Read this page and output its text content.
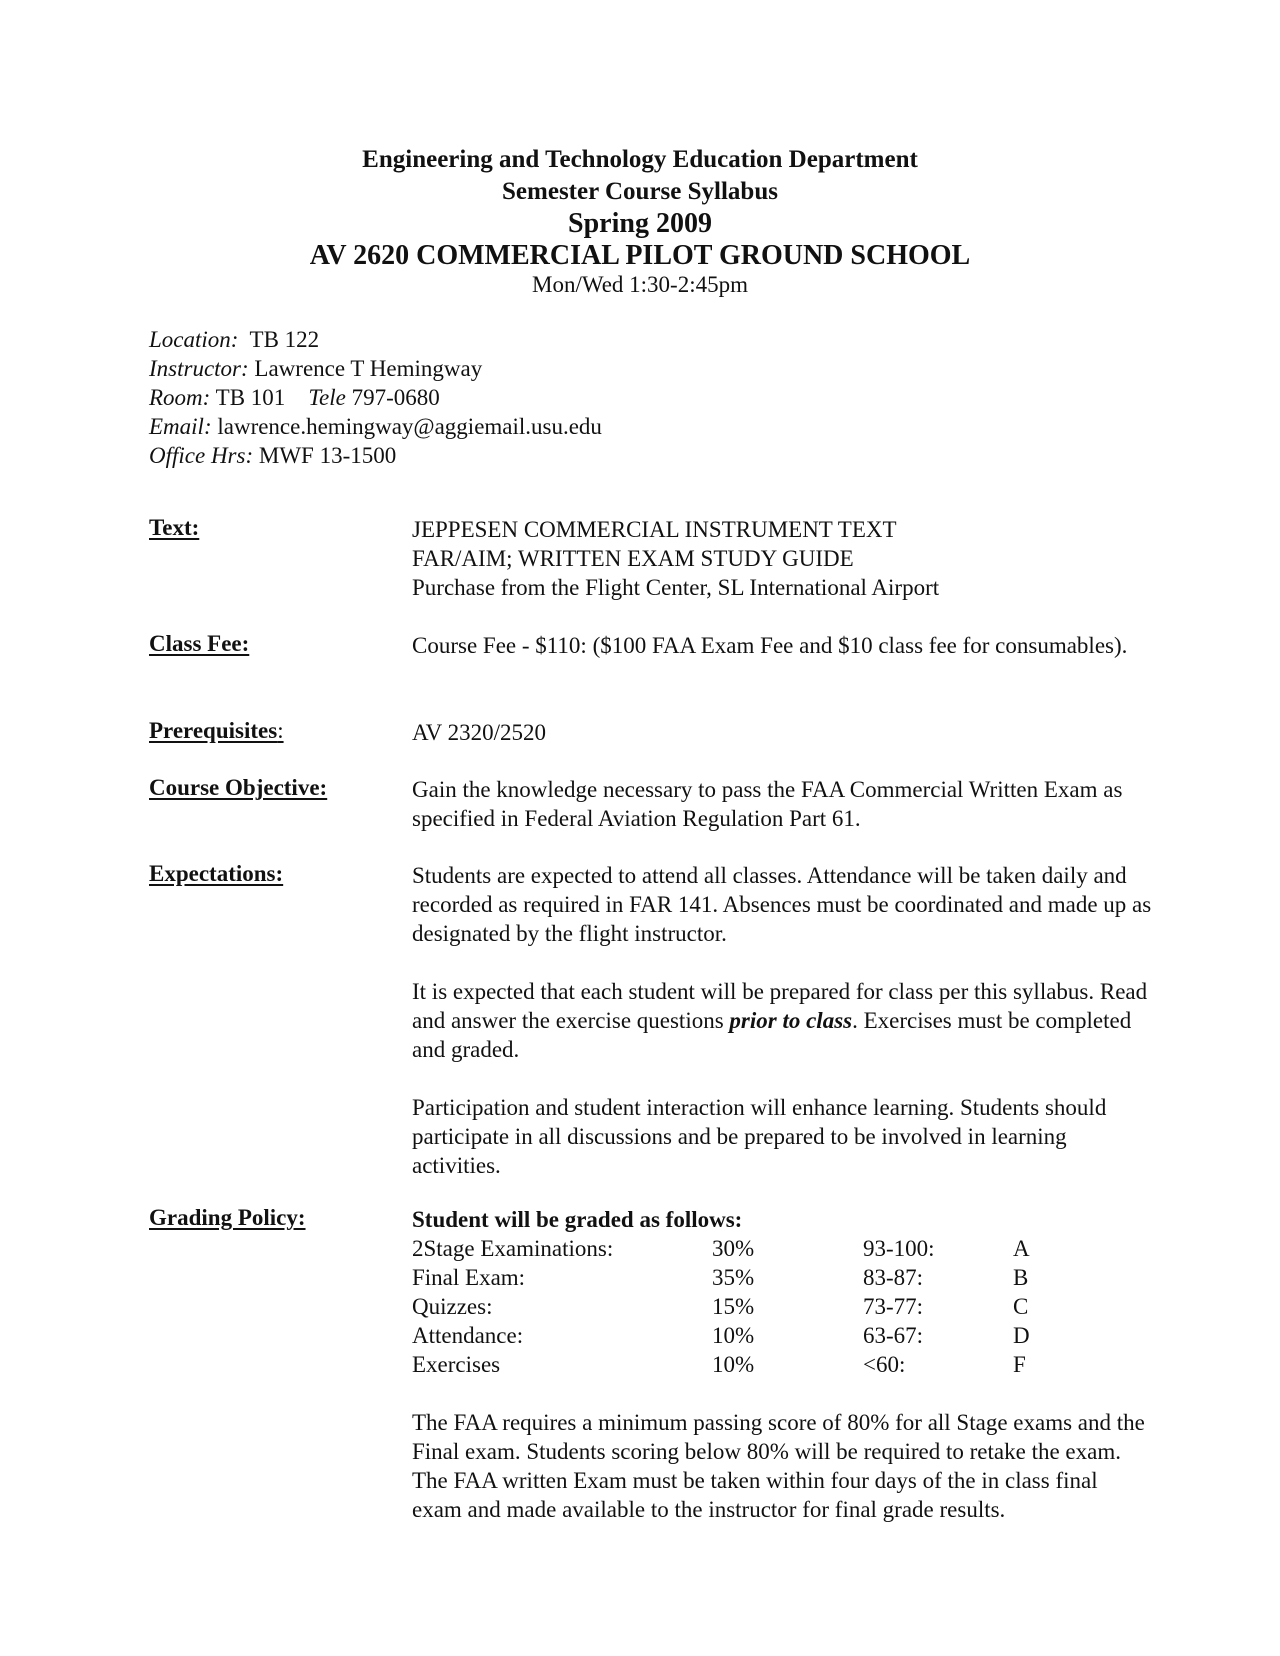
Engineering and Technology Education Department
Semester Course Syllabus
Spring 2009
AV 2620 COMMERCIAL PILOT GROUND SCHOOL
Mon/Wed 1:30-2:45pm
Location: TB 122
Instructor: Lawrence T Hemingway
Room: TB 101 Tele 797-0680
Email: lawrence.hemingway@aggiemail.usu.edu
Office Hrs: MWF 13-1500
Text:	JEPPESEN COMMERCIAL INSTRUMENT TEXT

FAR/AIM; WRITTEN EXAM STUDY GUIDE

Purchase from the Flight Center, SL International Airport

Class Fee:	Course Fee - $110: ($100 FAA Exam Fee and $10 class fee for consumables).

Prerequisites:	AV 2320/2520

Course Objective:	Gain the knowledge necessary to pass the FAA Commercial Written Exam as specified in Federal Aviation Regulation Part 61.

Expectations:	Students are expected to attend all classes. Attendance will be taken daily and recorded as required in FAR 141. Absences must be coordinated and made up as designated by the flight instructor.

It is expected that each student will be prepared for class per this syllabus. Read and answer the exercise questions prior to class. Exercises must be completed and graded.

Participation and student interaction will enhance learning. Students should participate in all discussions and be prepared to be involved in learning activities.

Grading Policy:	Student will be graded as follows:

2Stage Examinations:	30%	93-100:	A
Final Exam:	35%	83-87:	B
Quizzes:	15%	73-77:	C
Attendance:	10%	63-67:	D
Exercises	10%	<60:	F

The FAA requires a minimum passing score of 80% for all Stage exams and the Final exam. Students scoring below 80% will be required to retake the exam.

The FAA written Exam must be taken within four days of the in class final exam and made available to the instructor for final grade results.
